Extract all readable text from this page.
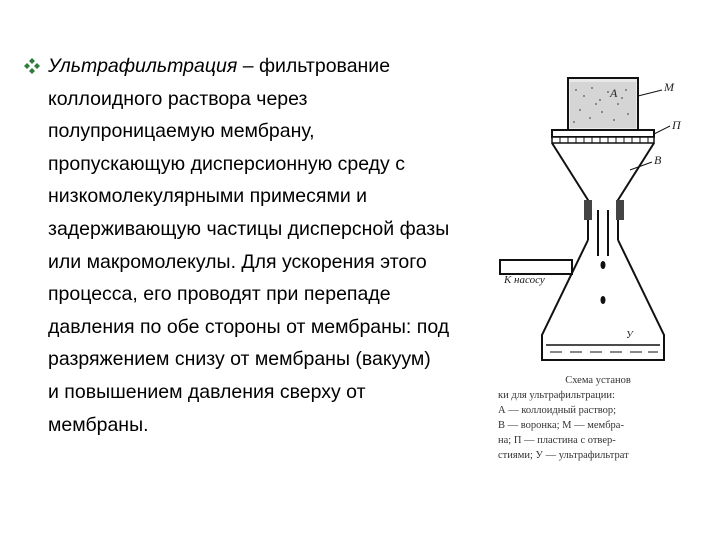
А	М
П
В
К насосу
У
Схема установ
ки для ультрафильтрации:
А — коллоидный раствор;
В — воронка; М — мембра-
на; П — пластина с отвер-
стиями; У — ультрафильтрат

Ультрафильтрация – фильтрование
коллоидного раствора через
полупроницаемую мембрану,
пропускающую дисперсионную среду с
низкомолекулярными примесями и
задерживающую частицы дисперсной фазы
или макромолекулы. Для ускорения этого
процесса, его проводят при перепаде
давления по обе стороны от мембраны: под
разряжением снизу от мембраны (вакуум)
и повышением давления сверху от
мембраны.
